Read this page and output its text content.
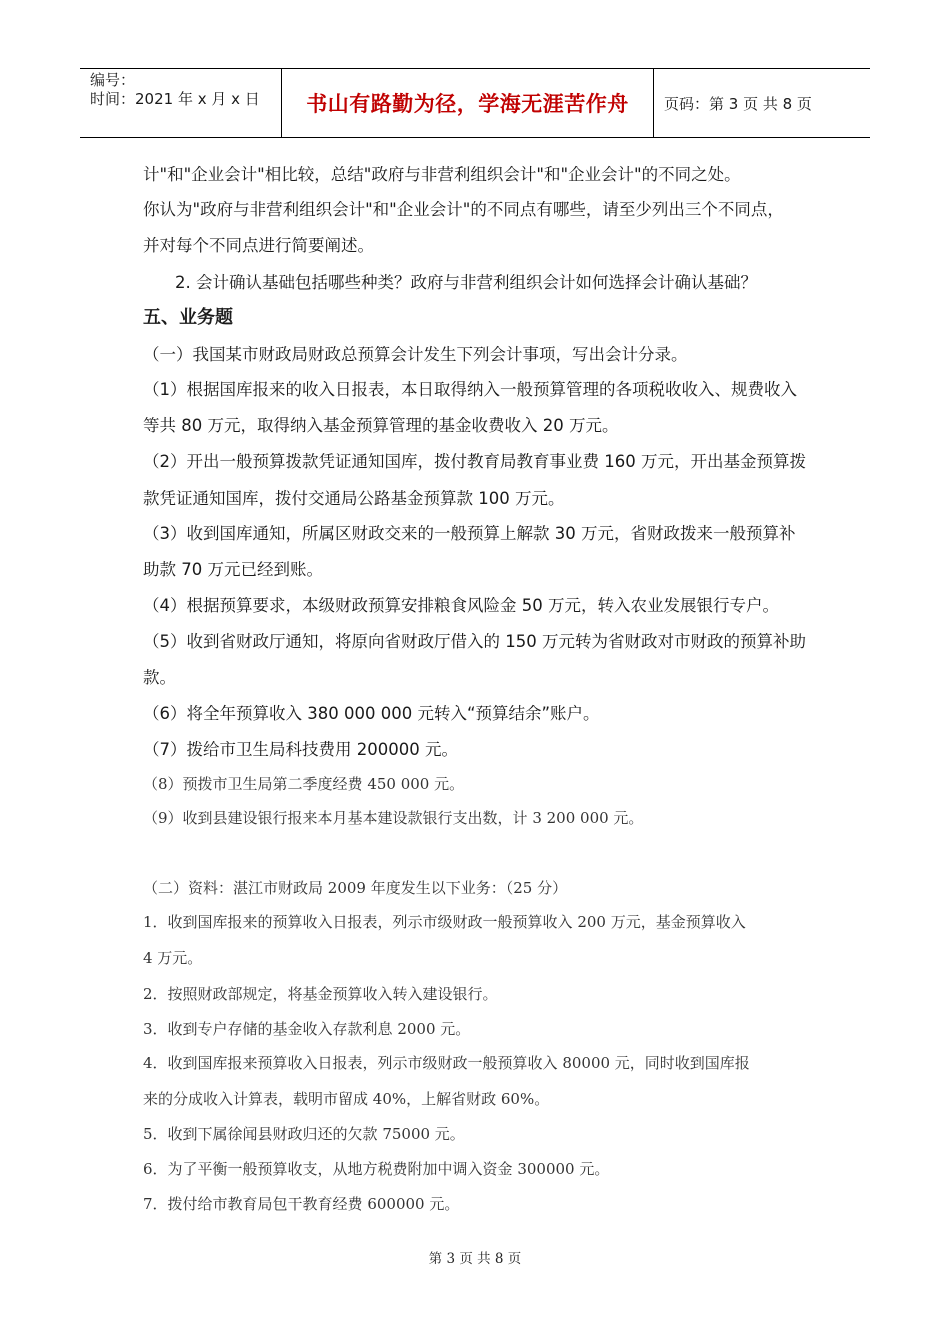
编号：
时间：2021 年 x 月 x 日	书山有路勤为径，学海无涯苦作舟 页码：第 3 页 共 8 页
计"和"企业会计"相比较，总结"政府与非营利组织会计"和"企业会计"的不同之处。
你认为"政府与非营利组织会计"和"企业会计"的不同点有哪些，请至少列出三个不同点，
并对每个不同点进行简要阐述。
2. 会计确认基础包括哪些种类？政府与非营利组织会计如何选择会计确认基础？
五、业务题
（一）我国某市财政局财政总预算会计发生下列会计事项，写出会计分录。
（1）根据国库报来的收入日报表，本日取得纳入一般预算管理的各项税收收入、规费收入
等共 80 万元，取得纳入基金预算管理的基金收费收入 20 万元。
（2）开出一般预算拨款凭证通知国库，拨付教育局教育事业费 160 万元，开出基金预算拨
款凭证通知国库，拨付交通局公路基金预算款 100 万元。
（3）收到国库通知，所属区财政交来的一般预算上解款 30 万元，省财政拨来一般预算补
助款 70 万元已经到账。
（4）根据预算要求，本级财政预算安排粮食风险金 50 万元，转入农业发展银行专户。
（5）收到省财政厅通知，将原向省财政厅借入的 150 万元转为省财政对市财政的预算补助
款。
（6）将全年预算收入 380 000 000 元转入“预算结余”账户。
（7）拨给市卫生局科技费用 200000 元。
（8）预拨市卫生局第二季度经费 450 000 元。
（9）收到县建设银行报来本月基本建设款银行支出数，计 3 200 000 元。
（二）资料：湛江市财政局 2009 年度发生以下业务：（25 分）
1．收到国库报来的预算收入日报表，列示市级财政一般预算收入 200 万元，基金预算收入
4 万元。
2．按照财政部规定，将基金预算收入转入建设银行。
3．收到专户存储的基金收入存款利息 2000 元。
4．收到国库报来预算收入日报表，列示市级财政一般预算收入 80000 元，同时收到国库报
来的分成收入计算表，载明市留成 40%，上解省财政 60%。
5．收到下属徐闻县财政归还的欠款 75000 元。
6．为了平衡一般预算收支，从地方税费附加中调入资金 300000 元。
7．拨付给市教育局包干教育经费 600000 元。
第 3 页 共 8 页
